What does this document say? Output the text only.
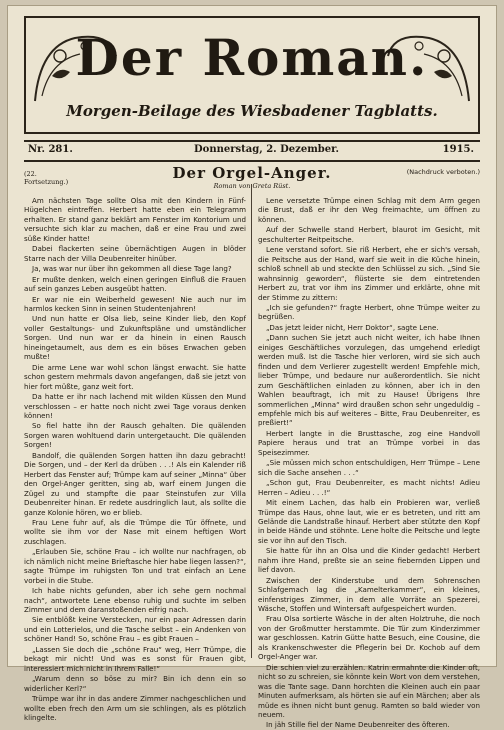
Der Roman.
Morgen-Beilage des Wiesbadener Tagblatts.
Nr. 281.	Donnerstag, 2. Dezember.	1915.

Am nächsten Tage sollte Olsa mit den Kindern in Fünf-Hügelchen eintreffen. Herbert hatte eben ein Telegramm erhalten. Er stand ganz beklärt am Fenster im Kontorium und versuchte sich klar zu machen, daß er eine Frau und zwei süße Kinder hatte!

Dabei flackerten seine übernächtigen Augen in blöder Starre nach der Villa Deubenreiter hinüber.

Ja, was war nur über ihn gekommen all diese Tage lang?

Er mußte denken, welch einen geringen Einfluß die Frauen auf sein ganzes Leben ausgeübt hatten.

Er war nie ein Weiberheld gewesen! Nie auch nur im harmlos kecken Sinn in seinen Studentenjahren!

Und nun hatte er Olsa lieb, seine Kinder lieb, den Kopf voller Gestaltungs- und Zukunftspläne und umständlicher Sorgen. Und nun war er da hinein in einen Rausch hineingetaumelt, aus dem es ein böses Erwachen geben mußte!

Die arme Lene war wohl schon längst erwacht. Sie hatte schon gestern mehrmals davon angefangen, daß sie jetzt von hier fort müßte, ganz weit fort.

Da hatte er ihr nach lachend mit wilden Küssen den Mund verschlossen – er hatte noch nicht zwei Tage voraus denken können!

So fiel hatte ihn der Rausch gehalten. Die quälenden Sorgen waren wohltuend darin untergetaucht. Die quälenden Sorgen!

Bandolf, die quälenden Sorgen hatten ihn dazu gebracht! Die Sorgen, und – der Kerl da drüben . . .! Als ein Kalender riß Herbert das Fenster auf; Trümpe kam auf seiner „Minna“ über den Orgel-Anger geritten, sing ab, warf einem Jungen die Zügel zu und stampfte die paar Steinstufen zur Villa Deubenreiter hinan. Er redete ausdringlich laut, als sollte die ganze Kolonie hören, wo er blieb.

Frau Lene fuhr auf, als die Trümpe die Tür öffnete, und wollte sie ihm vor der Nase mit einem heftigen Wort zuschlagen.

„Erlauben Sie, schöne Frau – ich wollte nur nachfragen, ob ich nämlich nicht meine Brieftasche hier habe liegen lassen?“, sagte Trümpe im ruhigsten Ton und trat einfach an Lene vorbei in die Stube.

Ich habe nichts gefunden, aber ich sehe gern nochmal nach“, antwortete Lene ebenso ruhig und suchte im selben Zimmer und dem daranstoßenden eifrig nach.

Sie entblößt keine Verstecken, nur ein paar Adressen darin und ein Lotterielos, und die Tasche selbst – ein Andenken von schöner Hand! So, schöne Frau – es gibt Frauen –

„Lassen Sie doch die „schöne Frau“ weg, Herr Trümpe, die bekagt mir nicht! Und was es sonst für Frauen gibt, interessiert mich nicht in Ihrem Falle!“

„Warum denn so böse zu mir? Bin ich denn ein so widerlicher Kerl?“

Trümpe war ihr in das andere Zimmer nachgeschlichen und wollte eben frech den Arm um sie schlingen, als es plötzlich klingelte.

Lene versetzte Trümpe einen Schlag mit dem Arm gegen die Brust, daß er ihr den Weg freimachte, um öffnen zu können.

Auf der Schwelle stand Herbert, blaurot im Gesicht, mit geschulterter Reitpeitsche.

Lene verstand sofort. Sie riß Herbert, ehe er sich's versah, die Peitsche aus der Hand, warf sie weit in die Küche hinein, schloß schnell ab und steckte den Schlüssel zu sich. „Sind Sie wahnsinnig geworden“, flüsterte sie dem eintretenden Herbert zu, trat vor ihm ins Zimmer und erklärte, ohne mit der Stimme zu zittern:

„Ich sie gefunden?“ fragte Herbert, ohne Trümpe weiter zu begrüßen.

„Das jetzt leider nicht, Herr Doktor“, sagte Lene.

„Dann suchen Sie jetzt auch nicht weiter, ich habe Ihnen einiges Geschäftliches vorzulegen, das umgehend erledigt werden muß. Ist die Tasche hier verloren, wird sie sich auch finden und dem Verlierer zugestellt werden! Empfehle mich, lieber Trümpe, und bedaure nur außerordentlich. Sie nicht zum Geschäftlichen einladen zu können, aber ich in den Wahlen beauftragt, ich mit zu Hause! Übrigens Ihre sommerlichen „Minna“ wird draußen schon sehr ungeduldig – empfehle mich bis auf weiteres – Bitte, Frau Deubenreiter, es preßiert!“

Herbert langte in die Brusttasche, zog eine Handvoll Papiere heraus und trat an Trümpe vorbei in das Speisezimmer.

„Sie müssen mich schon entschuldigen, Herr Trümpe – Lene sich die Sache ansehen . . .“

„Schon gut, Frau Deubenreiter, es macht nichts! Adieu Herren – Adieu . . .!“

Mit einem Lachen, das halb ein Probieren war, verließ Trümpe das Haus, ohne laut, wie er es betreten, und ritt am Gelände die Landstraße hinauf. Herbert aber stützte den Kopf in beide Hände und stöhnte. Lene holte die Peitsche und legte sie vor ihn auf den Tisch.

Sie hatte für ihn an Olsa und die Kinder gedacht! Herbert nahm ihre Hand, preßte sie an seine fiebernden Lippen und lief davon.

Zwischen der Kinderstube und dem Sohrenschen Schlafgemach lag die „Kamelterkammer“, ein kleines, einfenstriges Zimmer, in dem alle Vorräte an Spezerei, Wäsche, Stoffen und Wintersaft aufgespeichert wurden.

Frau Olsa sortierte Wäsche in der alten Holztruhe, die noch von der Großmutter herstammte. Die Tür zum Kinderzimmer war geschlossen. Katrin Gütte hatte Besuch, eine Cousine, die als Krankenschwester die Pflegerin bei Dr. Kochob auf dem Orgel-Anger war.

Die schien viel zu erzählen. Katrin ermahnte die Kinder oft, nicht so zu schreien, sie könnte kein Wort von dem verstehen, was die Tante sage. Dann horchten die Kleinen auch ein paar Minuten aufmerksam, als hörten sie auf ein Märchen; aber als müde es ihnen nicht bunt genug. Ramten so bald wieder von neuem.

In jäh Stille fiel der Name Deubenreiter des öfteren.

Der Orgel-Anger.	(Nachdruck verboten.)
Roman von Greta Rüst.
(22. Fortsetzung.)
